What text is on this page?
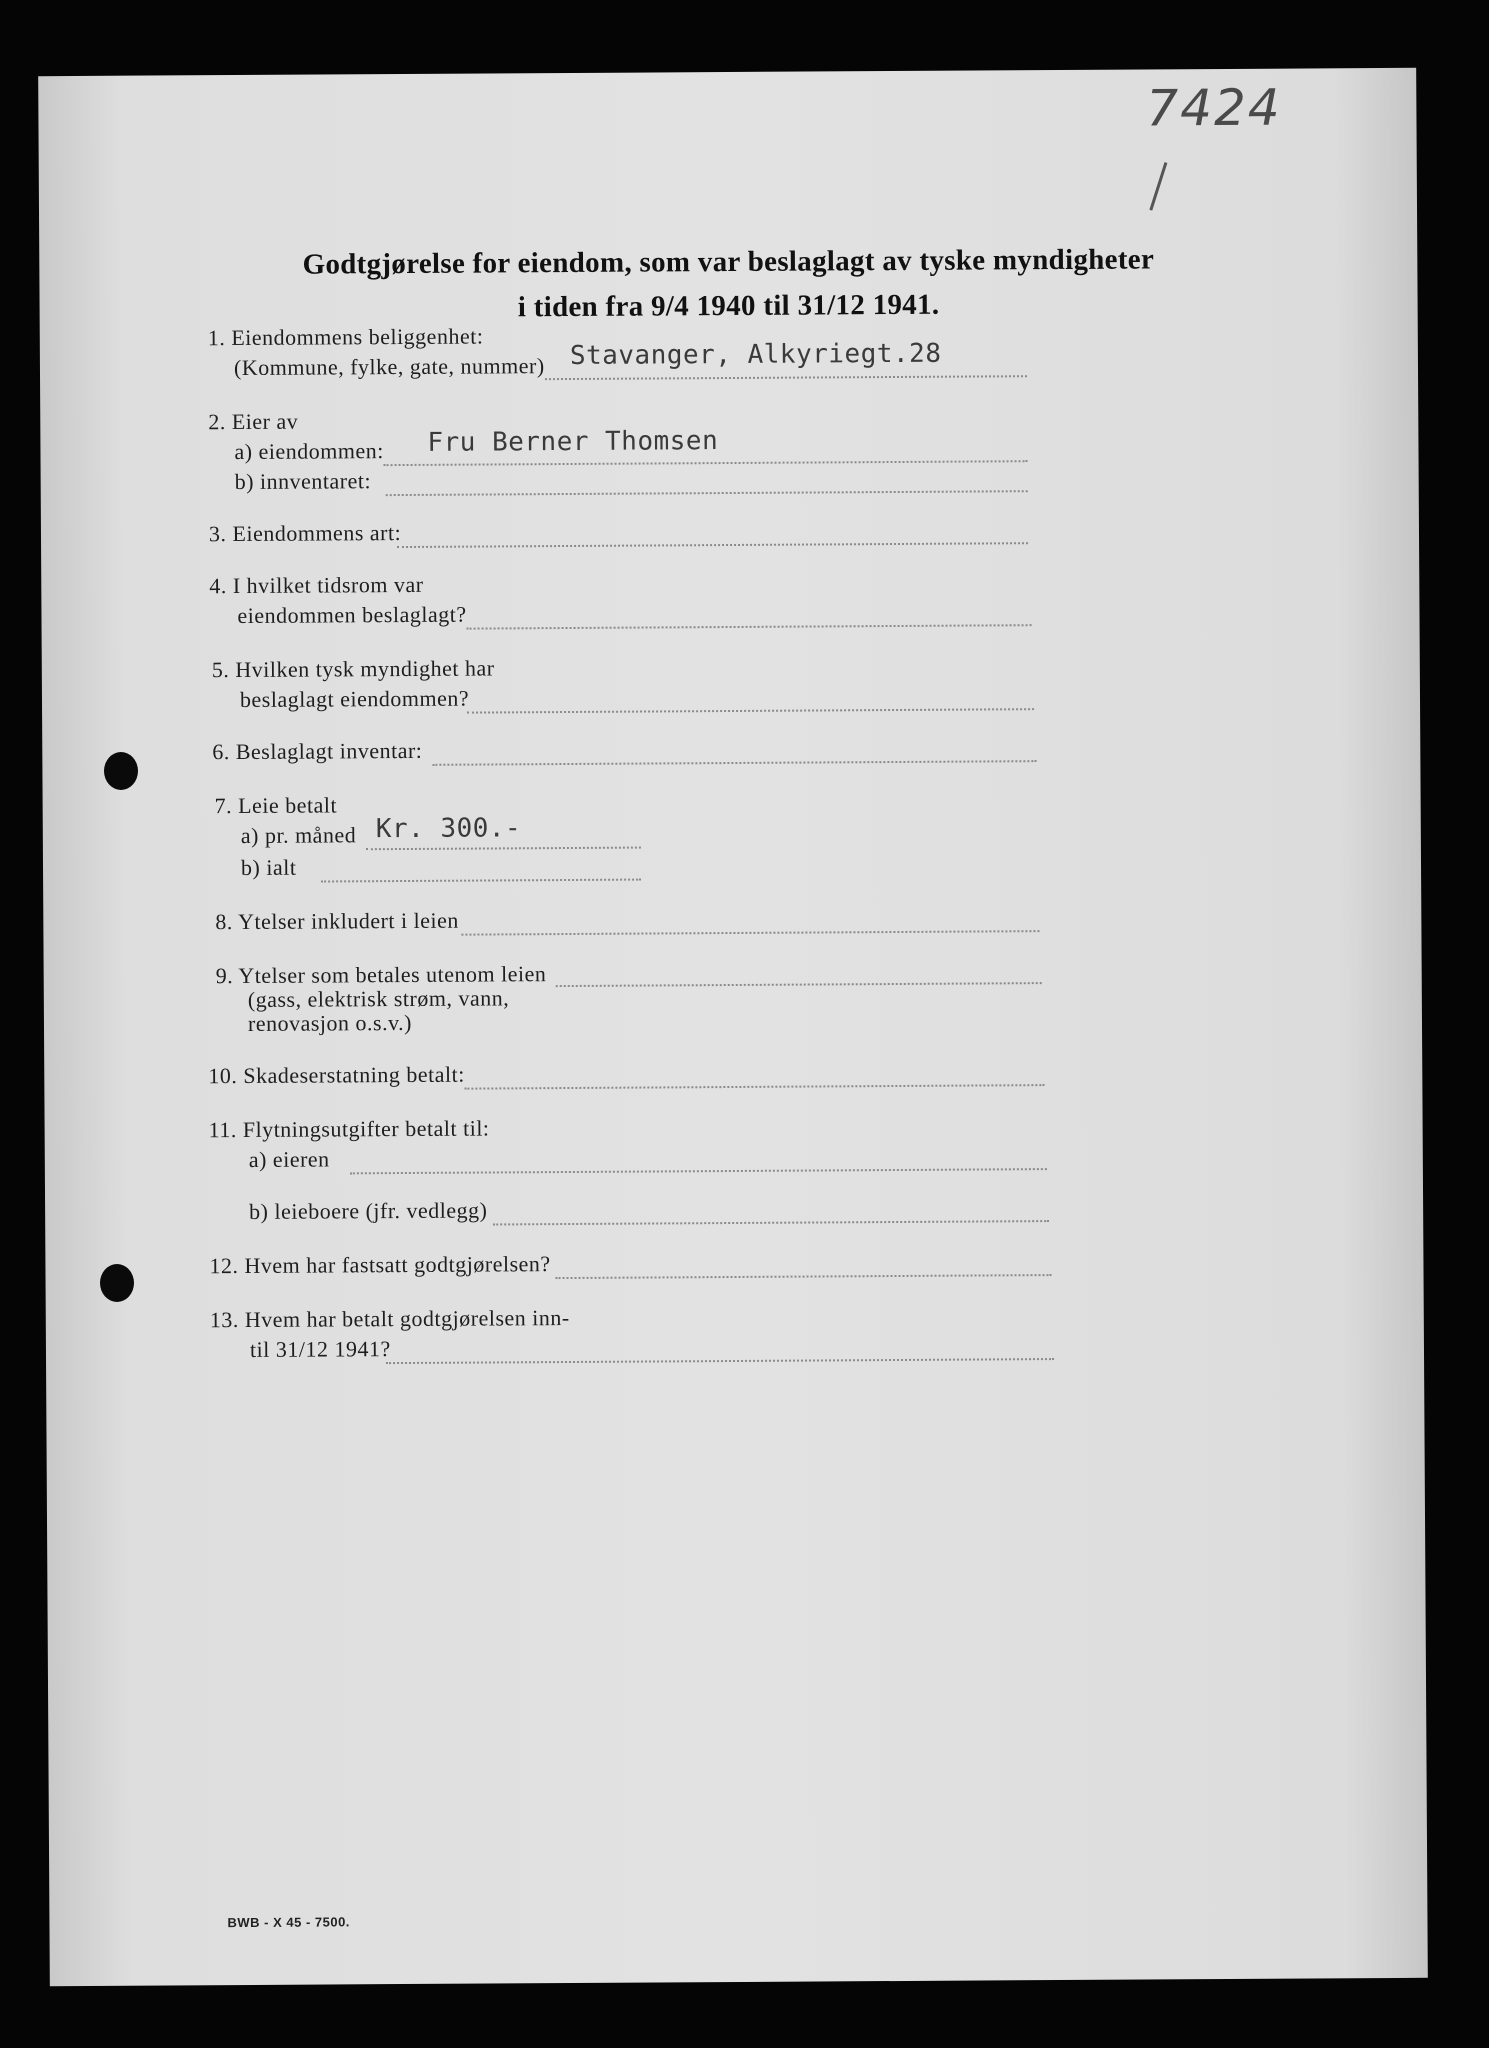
7424
Godtgjørelse for eiendom, som var beslaglagt av tyske myndigheter
i tiden fra 9/4 1940 til 31/12 1941.
1. Eiendommens beliggenhet:
(Kommune, fylke, gate, nummer) Stavanger, Alkyriegt.28
2. Eier av
a) eiendommen: Fru Berner Thomsen
b) innventaret:
3. Eiendommens art:
4. I hvilket tidsrom var
eiendommen beslaglagt?
5. Hvilken tysk myndighet har
beslaglagt eiendommen?
6. Beslaglagt inventar:
7. Leie betalt
a) pr. måned Kr. 300.-
b) ialt
8. Ytelser inkludert i leien
9. Ytelser som betales utenom leien
(gass, elektrisk strøm, vann,
renovasjon o.s.v.)
10. Skadeserstatning betalt:
11. Flytningsutgifter betalt til:
a) eieren
b) leieboere (jfr. vedlegg)
12. Hvem har fastsatt godtgjørelsen?
13. Hvem har betalt godtgjørelsen inn-
til 31/12 1941?
BWB - X 45 - 7500.
